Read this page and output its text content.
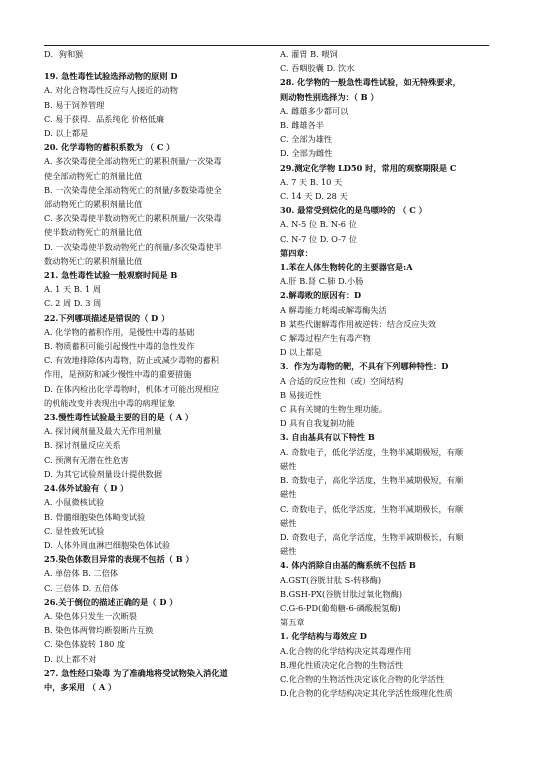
D．狗和猴
19. 急性毒性试验选择动物的原则 D
A. 对化合物毒性反应与人接近的动物
B. 易于饲养管理
C. 易于获得．品系纯化 价格低廉
D. 以上都是
20. 化学毒物的蓄积系数为 （ C ）
A. 多次染毒使全部动物死亡的累积剂量/一次染毒
使全部动物死亡的剂量比值
B. 一次染毒使全部动物死亡的剂量/多数染毒使全
部动物死亡的累积剂量比值
C. 多次染毒使半数动物死亡的累积剂量/一次染毒
使半数动物死亡的剂量比值
D. 一次染毒使半数动物死亡的剂量/多次染毒使半
数动物死亡的累积剂量比值
21. 急性毒性试验一般观察时间是 B
A. 1 天 B. 1 周
C. 2 周 D. 3 周
22.下列哪项描述是错误的（ D ）
A. 化学物的蓄积作用，是慢性中毒的基础
B. 物质蓄积可能引起慢性中毒的急性发作
C. 有效地排除体内毒物，防止或减少毒物的蓄积
作用，是预防和减少慢性中毒的重要措施
D. 在体内检出化学毒物时，机体才可能出现相应
的机能改变并表现出中毒的病理征象
23.慢性毒性试验最主要的目的是（ A ）
A. 探讨阈剂量及最大无作用剂量
B. 探讨剂量反应关系
C. 预测有无潜在性危害
D. 为其它试验剂量设计提供数据
24.体外试验有（ D ）
A. 小鼠微核试验
B. 骨髓细胞染色体畸变试验
C. 显性致死试验
D. 人体外周血淋巴细胞染色体试验
25.染色体数目异常的表现不包括（ B ）
A. 单倍体 B. 二倍体
C. 三倍体 D. 五倍体
26.关于倒位的描述正确的是（ D ）
A. 染色体只发生一次断裂
B. 染色体两臂均断裂断片互换
C. 染色体旋转 180 度
D. 以上都不对
27. 急性经口染毒 为了准确地将受试物染入消化道
中，多采用 （ A ）
A. 灌胃 B. 喂饲
C. 吞咽胶囊 D. 饮水
28. 化学物的一般急性毒性试验，如无特殊要求，
则动物性别选择为：（ B ）
A. 雌雄多少都可以
B. 雌雄各半
C. 全部为雄性
D. 全部为雌性
29.测定化学物 LD50 时，常用的观察期限是 C
A. 7 天 B. 10 天
C. 14 天 D. 28 天
30. 最常受到烷化的是鸟嘌呤的 （ C ）
A. N-5 位 B. N-6 位
C. N-7 位 D. O-7 位
第四章：
1.苯在人体生物转化的主要器官是:A
A.肝 B.肾 C.肺 D.小肠
2.解毒败的原因有：D
A 解毒能力耗竭或解毒酶失活
B 某些代谢解毒作用被逆转：结合反应失效
C 解毒过程产生有毒产物
D 以上都是
3．作为为毒物的靶，不具有下列哪种特性：D
A 合适的反应性和（或）空间结构
B 易接近性
C 具有关键的生物生理功能。
D 具有自我复制功能
3. 自由基具有以下特性 B
A. 奇数电子，低化学活度，生物半减期极短，有顺
磁性
B. 奇数电子，高化学活度，生物半减期极短，有顺
磁性
C. 奇数电子，低化学活度，生物半减期极长，有顺
磁性
D. 奇数电子，高化学活度，生物半减期极长，有顺
磁性
4. 体内消除自由基的酶系统不包括 B
A.GST(谷胱甘肽 S-转移酶)
B.GSH-PX(谷胱甘肽过氧化物酶)
C.G-6-PD(葡萄糖-6-磷酸脱氢酶)
第五章
1. 化学结构与毒效应 D
A.化合物的化学结构决定其毒理作用
B.理化性质决定化合物的生物活性
C.化合物的生物活性决定该化合物的化学活性
D.化合物的化学结构决定其化学活性级理化性质
